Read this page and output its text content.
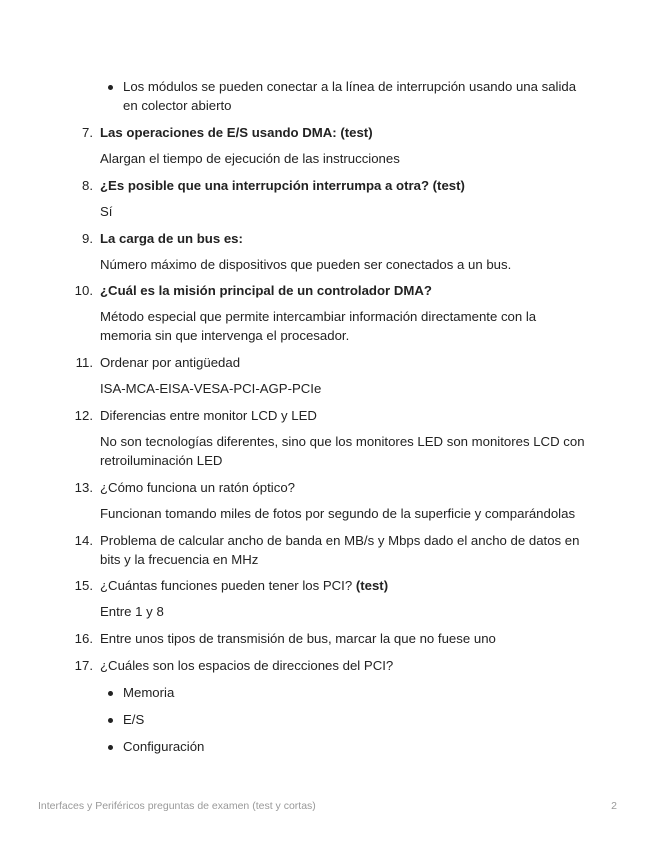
Los módulos se pueden conectar a la línea de interrupción usando una salida
en colector abierto
7. Las operaciones de E/S usando DMA: (test)
Alargan el tiempo de ejecución de las instrucciones
8. ¿Es posible que una interrupción interrumpa a otra? (test)
Sí
9. La carga de un bus es:
Número máximo de dispositivos que pueden ser conectados a un bus.
10. ¿Cuál es la misión principal de un controlador DMA?
Método especial que permite intercambiar información directamente con la
memoria sin que intervenga el procesador.
11. Ordenar por antigüedad
ISA-MCA-EISA-VESA-PCI-AGP-PCIe
12. Diferencias entre monitor LCD y LED
No son tecnologías diferentes, sino que los monitores LED son monitores LCD con
retroiluminación LED
13. ¿Cómo funciona un ratón óptico?
Funcionan tomando miles de fotos por segundo de la superficie y comparándolas
14. Problema de calcular ancho de banda en MB/s y Mbps dado el ancho de datos en
bits y la frecuencia en MHz
15. ¿Cuántas funciones pueden tener los PCI? (test)
Entre 1 y 8
16. Entre unos tipos de transmisión de bus, marcar la que no fuese uno
17. ¿Cuáles son los espacios de direcciones del PCI?
Memoria
E/S
Configuración
Interfaces y Periféricos preguntas de examen (test y cortas)	2
